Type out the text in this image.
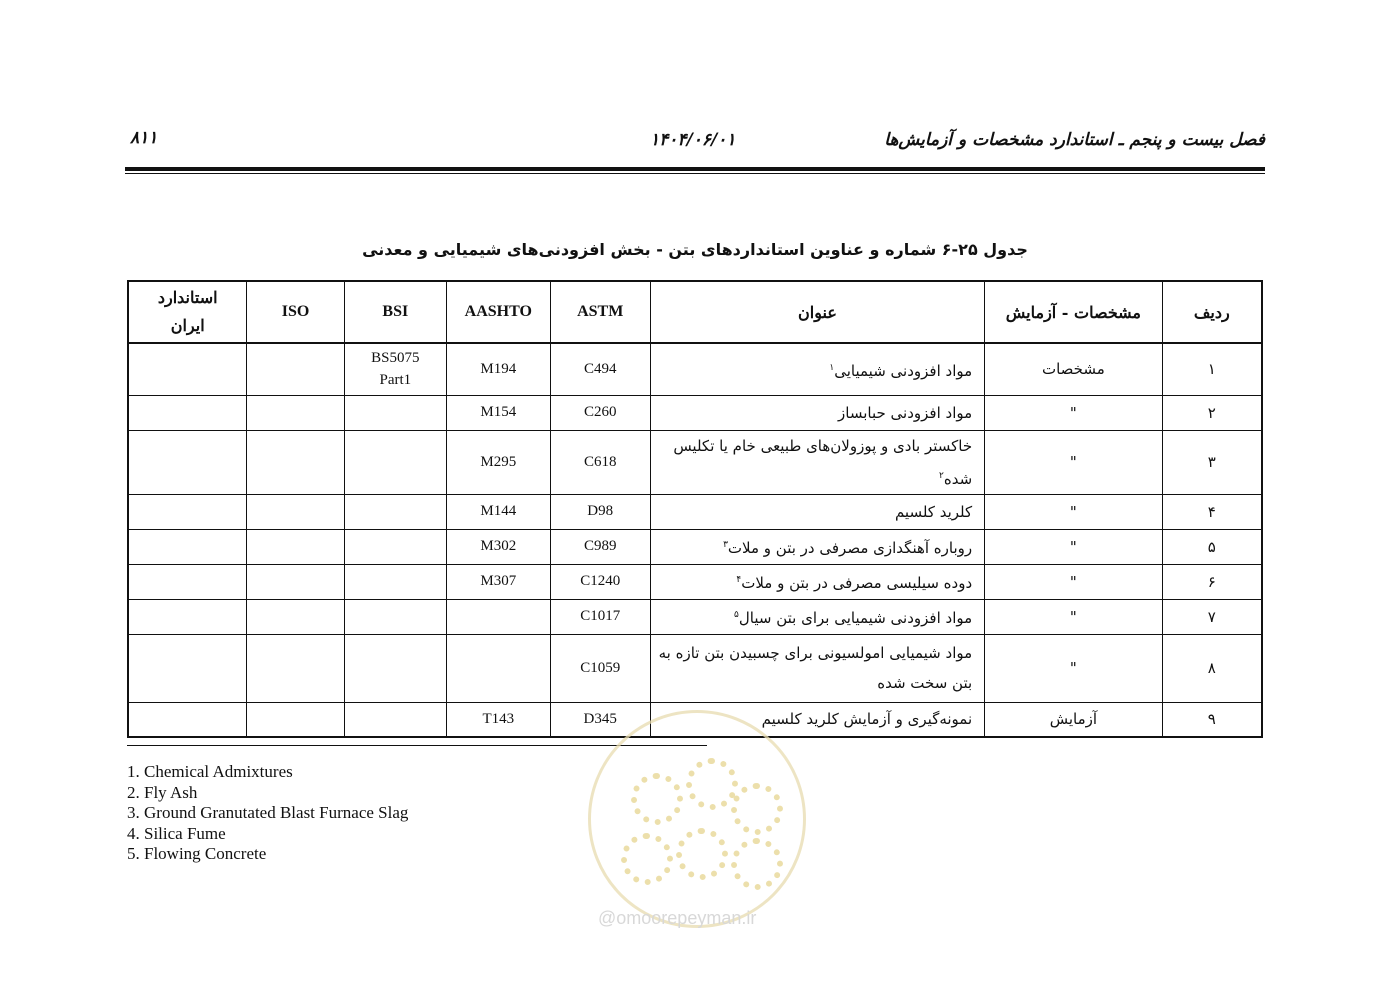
فصل بیست و پنجم ـ استاندارد مشخصات و آزمایش‌ها
۱۴۰۴/۰۶/۰۱
۸۱۱
جدول ۲۵-۶ شماره و عناوین استانداردهای بتن - بخش افزودنی‌های شیمیایی و معدنی
ردیف	مشخصات - آزمایش	عنوان	ASTM	AASHTO	BSI	ISO	استاندارد ایران
۱	مشخصات	مواد افزودنی شیمیایی$^۱$	C494	M194	BS5075 Part1		
۲	"	مواد افزودنی حبابساز	C260	M154			
۳	"	خاکستر بادی و پوزولان‌های طبیعی خام یا تکلیس شده$^۲$	C618	M295			
۴	"	کلرید کلسیم	D98	M144			
۵	"	روباره آهنگدازی مصرفی در بتن و ملات$^۳$	C989	M302			
۶	"	دوده سیلیسی مصرفی در بتن و ملات$^۴$	C1240	M307			
۷	"	مواد افزودنی شیمیایی برای بتن سیال$^۵$	C1017				
۸	"	مواد شیمیایی امولسیونی برای چسبیدن بتن تازه به بتن سخت شده	C1059				
۹	آزمایش	نمونه‌گیری و آزمایش کلرید کلسیم	D345	T143			
1. Chemical Admixtures
2. Fly Ash
3. Ground Granutated Blast Furnace Slag
4. Silica Fume
5. Flowing Concrete
@omoorepeyman.ir
